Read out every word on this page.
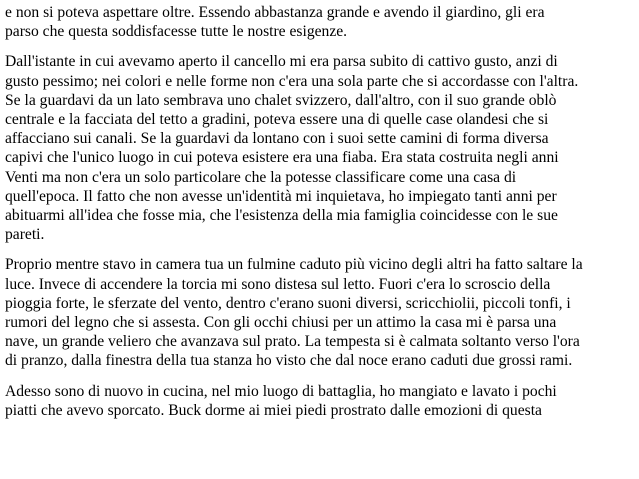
e non si poteva aspettare oltre. Essendo abbastanza grande e avendo il giardino, gli era
parso che questa soddisfacesse tutte le nostre esigenze.

Dall'istante in cui avevamo aperto il cancello mi era parsa subito di cattivo gusto, anzi di
gusto pessimo; nei colori e nelle forme non c'era una sola parte che si accordasse con l'altra.
Se la guardavi da un lato sembrava uno chalet svizzero, dall'altro, con il suo grande oblò
centrale e la facciata del tetto a gradini, poteva essere una di quelle case olandesi che si
affacciano sui canali. Se la guardavi da lontano con i suoi sette camini di forma diversa
capivi che l'unico luogo in cui poteva esistere era una fiaba. Era stata costruita negli anni
Venti ma non c'era un solo particolare che la potesse classificare come una casa di
quell'epoca. Il fatto che non avesse un'identità mi inquietava, ho impiegato tanti anni per
abituarmi all'idea che fosse mia, che l'esistenza della mia famiglia coincidesse con le sue
pareti.

Proprio mentre stavo in camera tua un fulmine caduto più vicino degli altri ha fatto saltare la
luce. Invece di accendere la torcia mi sono distesa sul letto. Fuori c'era lo scroscio della
pioggia forte, le sferzate del vento, dentro c'erano suoni diversi, scricchiolii, piccoli tonfi, i
rumori del legno che si assesta. Con gli occhi chiusi per un attimo la casa mi è parsa una
nave, un grande veliero che avanzava sul prato. La tempesta si è calmata soltanto verso l'ora
di pranzo, dalla finestra della tua stanza ho visto che dal noce erano caduti due grossi rami.

Adesso sono di nuovo in cucina, nel mio luogo di battaglia, ho mangiato e lavato i pochi
piatti che avevo sporcato. Buck dorme ai miei piedi prostrato dalle emozioni di questa
